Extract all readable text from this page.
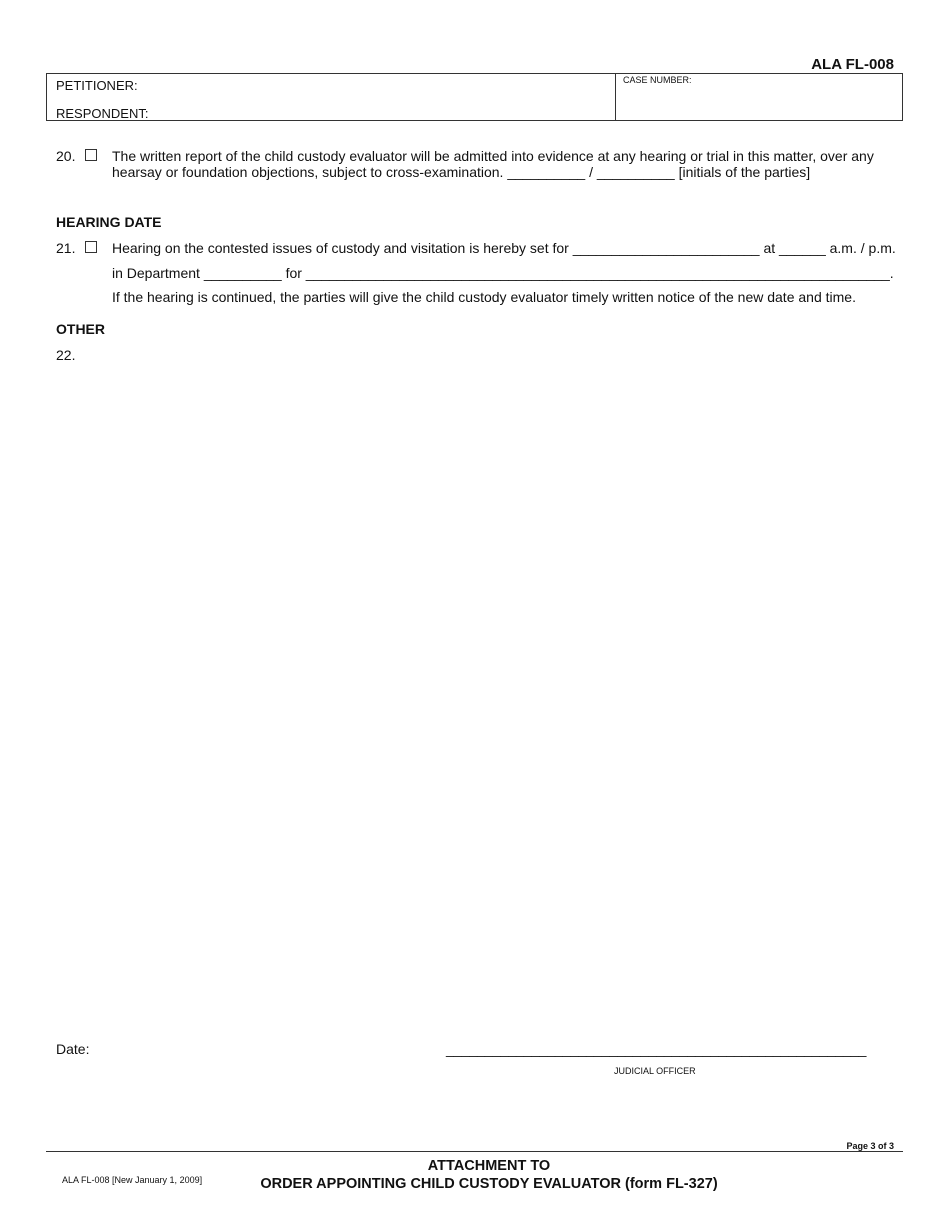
ALA FL-008
PETITIONER:
RESPONDENT:
CASE NUMBER:
20.	The written report of the child custody evaluator will be admitted into evidence at any hearing or trial in this matter, over any
hearsay or foundation objections, subject to cross-examination. __________ / __________ [initials of the parties]
HEARING DATE
21.	Hearing on the contested issues of custody and visitation is hereby set for ________________________ at ______ a.m. / p.m.
in Department __________ for ___________________________________________________________________________.
If the hearing is continued, the parties will give the child custody evaluator timely written notice of the new date and time.
OTHER
22.
Date:	______________________________________________________
JUDICIAL OFFICER
Page 3 of 3
ALA FL-008 [New January 1, 2009]
ATTACHMENT TO
ORDER APPOINTING CHILD CUSTODY EVALUATOR (form FL-327)
